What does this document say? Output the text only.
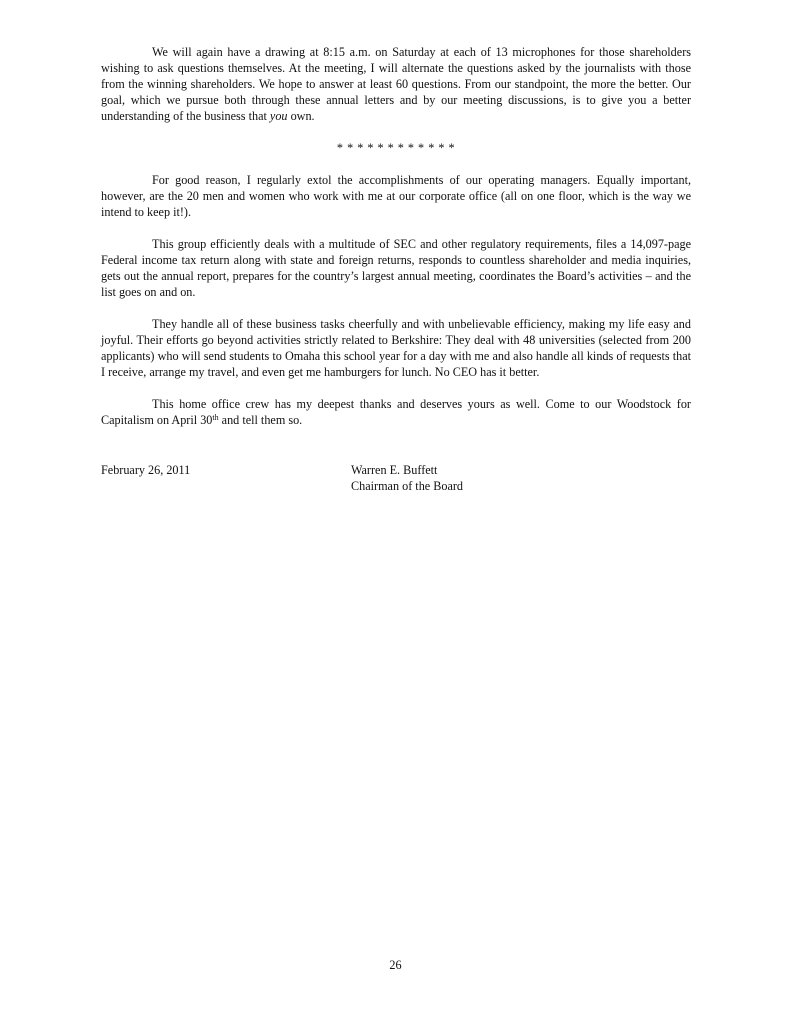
We will again have a drawing at 8:15 a.m. on Saturday at each of 13 microphones for those shareholders wishing to ask questions themselves. At the meeting, I will alternate the questions asked by the journalists with those from the winning shareholders. We hope to answer at least 60 questions. From our standpoint, the more the better. Our goal, which we pursue both through these annual letters and by our meeting discussions, is to give you a better understanding of the business that you own.

* * * * * * * * * * * *

For good reason, I regularly extol the accomplishments of our operating managers. Equally important, however, are the 20 men and women who work with me at our corporate office (all on one floor, which is the way we intend to keep it!).

This group efficiently deals with a multitude of SEC and other regulatory requirements, files a 14,097-page Federal income tax return along with state and foreign returns, responds to countless shareholder and media inquiries, gets out the annual report, prepares for the country’s largest annual meeting, coordinates the Board’s activities – and the list goes on and on.

They handle all of these business tasks cheerfully and with unbelievable efficiency, making my life easy and joyful. Their efforts go beyond activities strictly related to Berkshire: They deal with 48 universities (selected from 200 applicants) who will send students to Omaha this school year for a day with me and also handle all kinds of requests that I receive, arrange my travel, and even get me hamburgers for lunch. No CEO has it better.

This home office crew has my deepest thanks and deserves yours as well. Come to our Woodstock for Capitalism on April 30th and tell them so.

February 26, 2011	Warren E. Buffett
Chairman of the Board
26
